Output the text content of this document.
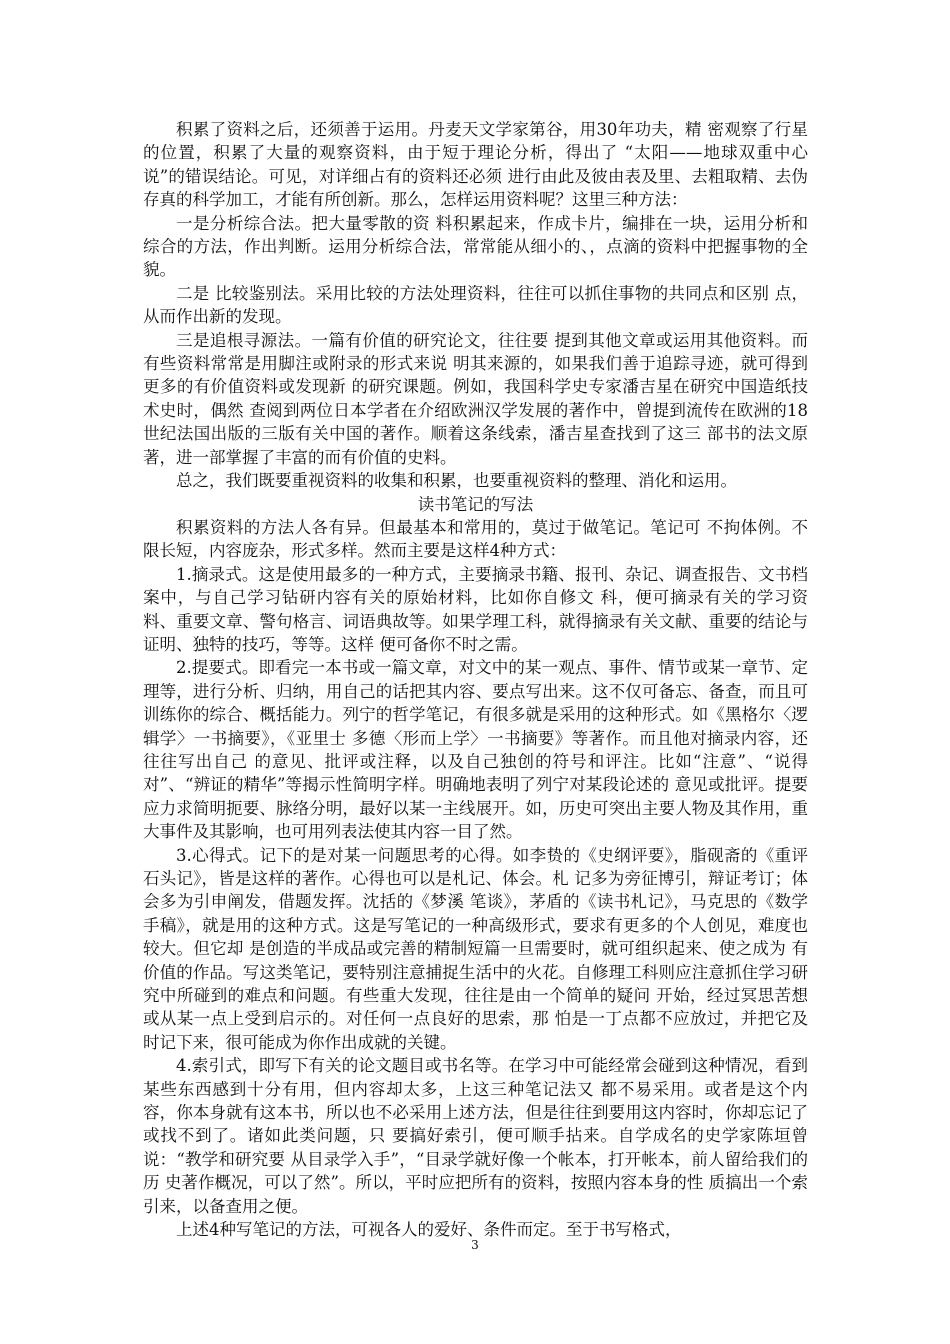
积累了资料之后，还须善于运用。丹麦天文学家第谷，用30年功夫，精 密观察了行星的位置，积累了大量的观察资料，由于短于理论分析，得出了 “太阳——地球双重中心说”的错误结论。可见，对详细占有的资料还必须 进行由此及彼由表及里、去粗取精、去伪存真的科学加工，才能有所创新。那么，怎样运用资料呢？这里三种方法：

一是分析综合法。把大量零散的资 料积累起来，作成卡片，编排在一块，运用分析和综合的方法，作出判断。运用分析综合法，常常能从细小的、，点滴的资料中把握事物的全貌。

二是 比较鉴别法。采用比较的方法处理资料，往往可以抓住事物的共同点和区别 点，从而作出新的发现。

三是追根寻源法。一篇有价值的研究论文，往往要 提到其他文章或运用其他资料。而有些资料常常是用脚注或附录的形式来说 明其来源的，如果我们善于追踪寻迹，就可得到更多的有价值资料或发现新 的研究课题。例如，我国科学史专家潘吉星在研究中国造纸技术史时，偶然 查阅到两位日本学者在介绍欧洲汉学发展的著作中，曾提到流传在欧洲的18 世纪法国出版的三版有关中国的著作。顺着这条线索，潘吉星查找到了这三 部书的法文原著，进一部掌握了丰富的而有价值的史料。

总之，我们既要重视资料的收集和积累，也要重视资料的整理、消化和运用。

读书笔记的写法

积累资料的方法人各有异。但最基本和常用的，莫过于做笔记。笔记可 不拘体例。不限长短，内容庞杂，形式多样。然而主要是这样4种方式：

1.摘录式。这是使用最多的一种方式，主要摘录书籍、报刊、杂记、调查报告、文书档案中，与自己学习钻研内容有关的原始材料，比如你自修文 科，便可摘录有关的学习资料、重要文章、警句格言、词语典故等。如果学理工科，就得摘录有关文献、重要的结论与证明、独特的技巧，等等。这样 便可备你不时之需。

2.提要式。即看完一本书或一篇文章，对文中的某一观点、事件、情节或某一章节、定理等，进行分析、归纳，用自己的话把其内容、要点写出来。这不仅可备忘、备查，而且可训练你的综合、概括能力。列宁的哲学笔记，有很多就是采用的这种形式。如《黑格尔〈逻辑学〉一书摘要》，《亚里士 多德〈形而上学〉一书摘要》等著作。而且他对摘录内容，还往往写出自己 的意见、批评或注释，以及自己独创的符号和评注。比如“注意”、“说得对”、“辨证的精华”等揭示性简明字样。明确地表明了列宁对某段论述的 意见或批评。提要应力求简明扼要、脉络分明，最好以某一主线展开。如，历史可突出主要人物及其作用，重大事件及其影响，也可用列表法使其内容一目了然。

3.心得式。记下的是对某一问题思考的心得。如李贽的《史纲评要》，脂砚斋的《重评石头记》，皆是这样的著作。心得也可以是札记、体会。札 记多为旁征博引，辩证考订；体会多为引申阐发，借题发挥。沈括的《梦溪 笔谈》，茅盾的《读书札记》，马克思的《数学手稿》，就是用的这种方式。这是写笔记的一种高级形式，要求有更多的个人创见，难度也较大。但它却 是创造的半成品或完善的精制短篇一旦需要时，就可组织起来、使之成为 有价值的作品。写这类笔记，要特别注意捕捉生活中的火花。自修理工科则应注意抓住学习研究中所碰到的难点和问题。有些重大发现，往往是由一个简单的疑问 开始，经过冥思苦想或从某一点上受到启示的。对任何一点良好的思索，那 怕是一丁点都不应放过，并把它及时记下来，很可能成为你作出成就的关键。

4.索引式，即写下有关的论文题目或书名等。在学习中可能经常会碰到这种情况，看到某些东西感到十分有用，但内容却太多，上这三种笔记法又 都不易采用。或者是这个内容，你本身就有这本书，所以也不必采用上述方法，但是往往到要用这内容时，你却忘记了或找不到了。诸如此类问题，只 要搞好索引，便可顺手拈来。自学成名的史学家陈垣曾说：“教学和研究要 从目录学入手”，“目录学就好像一个帐本，打开帐本，前人留给我们的历 史著作概况，可以了然”。所以，平时应把所有的资料，按照内容本身的性 质搞出一个索引来，以备查用之便。

上述4种写笔记的方法，可视各人的爱好、条件而定。至于书写格式，

3
